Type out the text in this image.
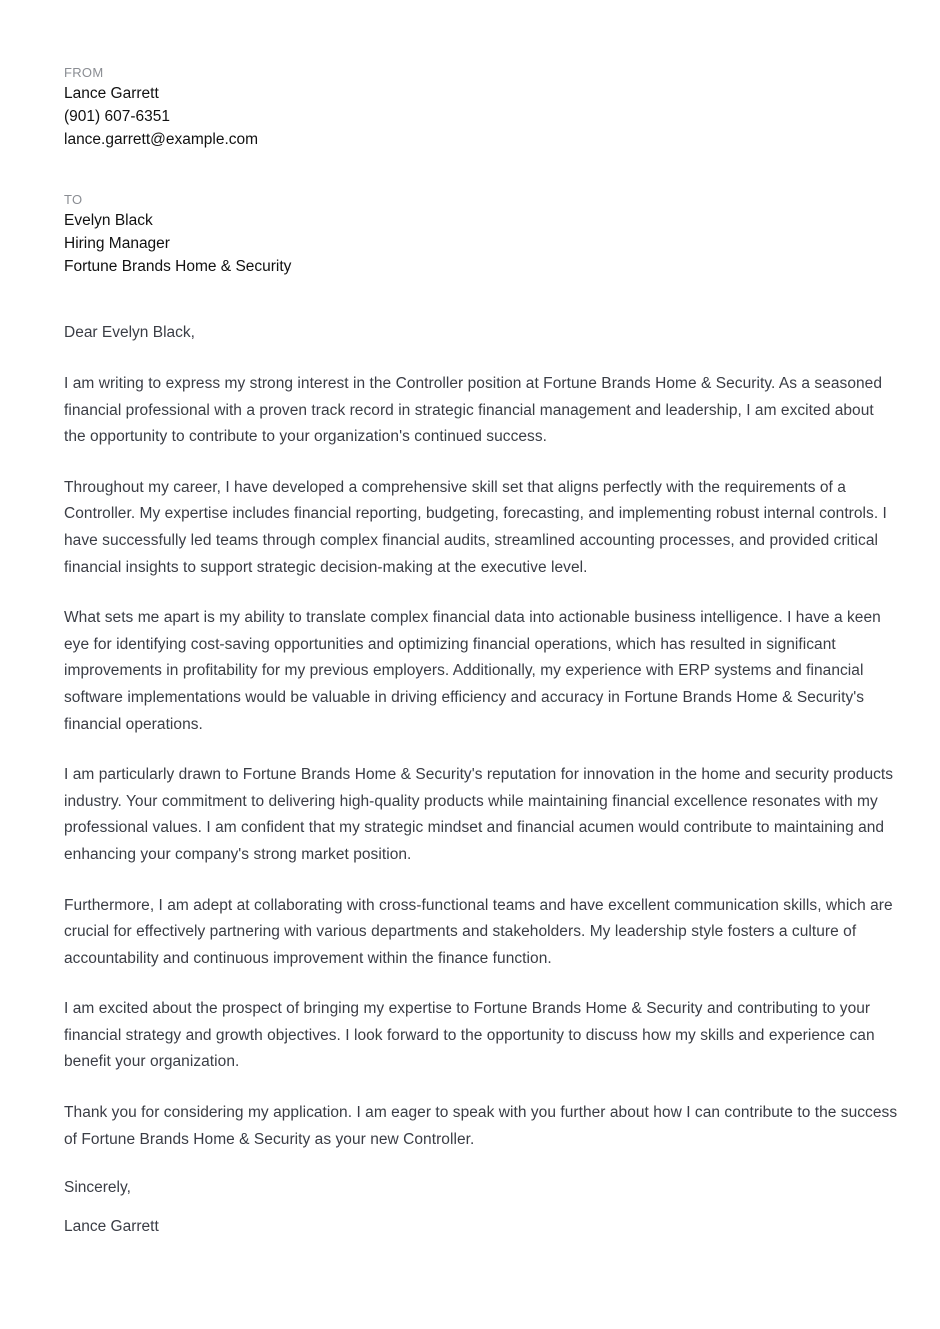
FROM

Lance Garrett

(901) 607-6351

lance.garrett@example.com

TO

Evelyn Black

Hiring Manager

Fortune Brands Home & Security

Dear Evelyn Black,

I am writing to express my strong interest in the Controller position at Fortune Brands Home & Security. As a seasoned financial professional with a proven track record in strategic financial management and leadership, I am excited about the opportunity to contribute to your organization's continued success.

Throughout my career, I have developed a comprehensive skill set that aligns perfectly with the requirements of a Controller. My expertise includes financial reporting, budgeting, forecasting, and implementing robust internal controls. I have successfully led teams through complex financial audits, streamlined accounting processes, and provided critical financial insights to support strategic decision-making at the executive level.

What sets me apart is my ability to translate complex financial data into actionable business intelligence. I have a keen eye for identifying cost-saving opportunities and optimizing financial operations, which has resulted in significant improvements in profitability for my previous employers. Additionally, my experience with ERP systems and financial software implementations would be valuable in driving efficiency and accuracy in Fortune Brands Home & Security's financial operations.

I am particularly drawn to Fortune Brands Home & Security's reputation for innovation in the home and security products industry. Your commitment to delivering high-quality products while maintaining financial excellence resonates with my professional values. I am confident that my strategic mindset and financial acumen would contribute to maintaining and enhancing your company's strong market position.

Furthermore, I am adept at collaborating with cross-functional teams and have excellent communication skills, which are crucial for effectively partnering with various departments and stakeholders. My leadership style fosters a culture of accountability and continuous improvement within the finance function.

I am excited about the prospect of bringing my expertise to Fortune Brands Home & Security and contributing to your financial strategy and growth objectives. I look forward to the opportunity to discuss how my skills and experience can benefit your organization.

Thank you for considering my application. I am eager to speak with you further about how I can contribute to the success of Fortune Brands Home & Security as your new Controller.

Sincerely,

Lance Garrett
